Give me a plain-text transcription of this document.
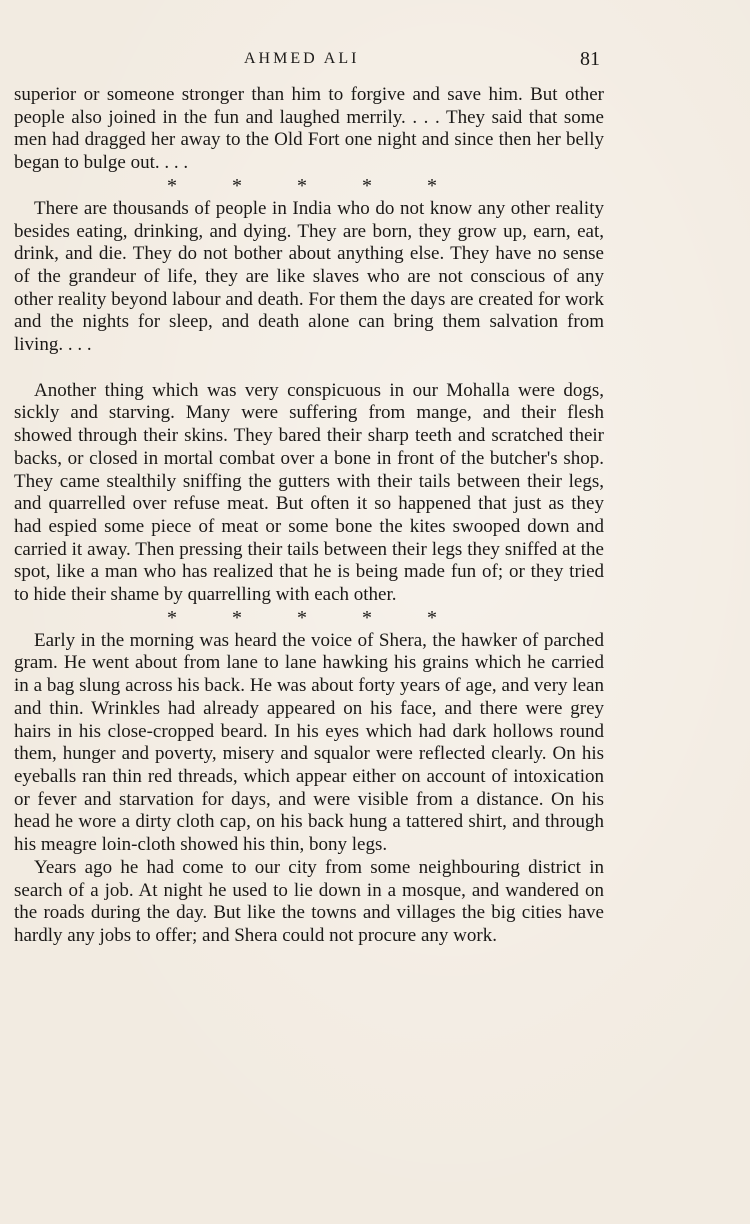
AHMED ALI	81

superior or someone stronger than him to forgive and save him. But other people also joined in the fun and laughed merrily. . . . They said that some men had dragged her away to the Old Fort one night and since then her belly began to bulge out. . . .

*	*	*	*	*

There are thousands of people in India who do not know any other reality besides eating, drinking, and dying. They are born, they grow up, earn, eat, drink, and die. They do not bother about anything else. They have no sense of the grandeur of life, they are like slaves who are not conscious of any other reality beyond labour and death. For them the days are created for work and the nights for sleep, and death alone can bring them salvation from living. . . .

Another thing which was very conspicuous in our Mohalla were dogs, sickly and starving. Many were suffering from mange, and their flesh showed through their skins. They bared their sharp teeth and scratched their backs, or closed in mortal combat over a bone in front of the butcher's shop. They came stealthily sniffing the gutters with their tails between their legs, and quarrelled over refuse meat. But often it so happened that just as they had espied some piece of meat or some bone the kites swooped down and carried it away. Then pressing their tails between their legs they sniffed at the spot, like a man who has realized that he is being made fun of; or they tried to hide their shame by quarrelling with each other.

*	*	*	*	*

Early in the morning was heard the voice of Shera, the hawker of parched gram. He went about from lane to lane hawking his grains which he carried in a bag slung across his back. He was about forty years of age, and very lean and thin. Wrinkles had already appeared on his face, and there were grey hairs in his close-cropped beard. In his eyes which had dark hollows round them, hunger and poverty, misery and squalor were reflected clearly. On his eyeballs ran thin red threads, which appear either on account of intoxication or fever and starvation for days, and were visible from a distance. On his head he wore a dirty cloth cap, on his back hung a tattered shirt, and through his meagre loin-cloth showed his thin, bony legs.

Years ago he had come to our city from some neighbouring district in search of a job. At night he used to lie down in a mosque, and wandered on the roads during the day. But like the towns and villages the big cities have hardly any jobs to offer; and Shera could not procure any work.
